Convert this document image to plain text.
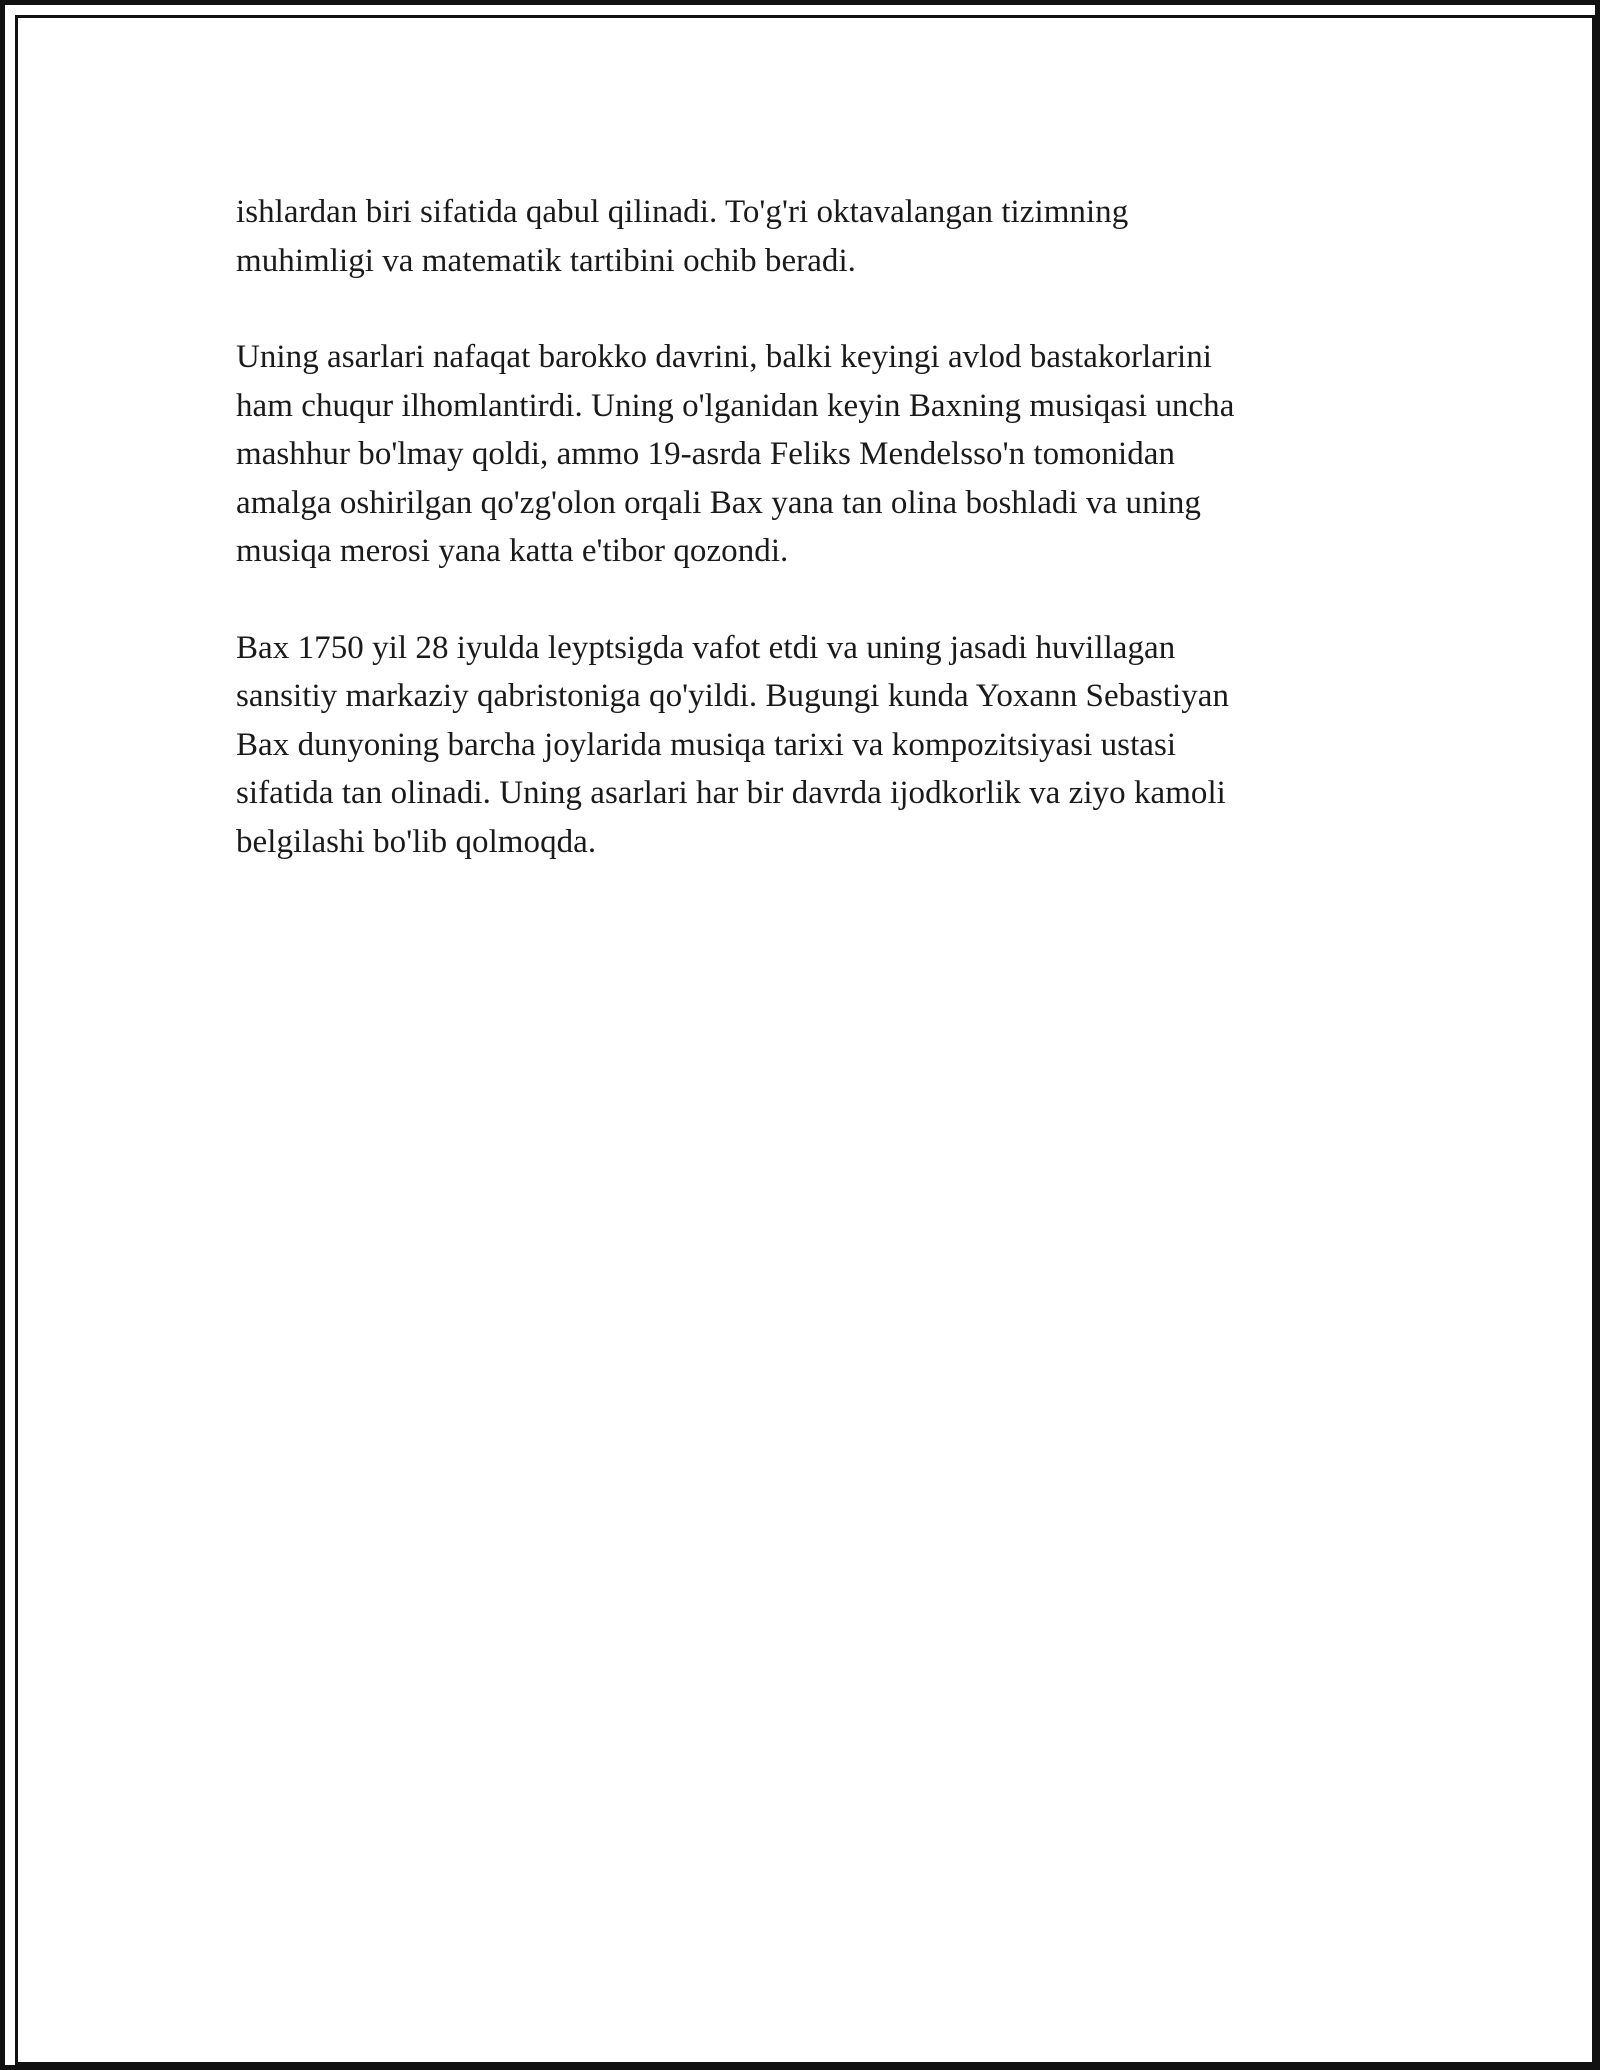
ishlardan biri sifatida qabul qilinadi. To'g'ri oktavalangan tizimning
muhimligi va matematik tartibini ochib beradi.

Uning asarlari nafaqat barokko davrini, balki keyingi avlod bastakorlarini
ham chuqur ilhomlantirdi. Uning o'lganidan keyin Baxning musiqasi uncha
mashhur bo'lmay qoldi, ammo 19-asrda Feliks Mendelsso'n tomonidan
amalga oshirilgan qo'zg'olon orqali Bax yana tan olina boshladi va uning
musiqa merosi yana katta e'tibor qozondi.

Bax 1750 yil 28 iyulda leyptsigda vafot etdi va uning jasadi huvillagan
sansitiy markaziy qabristoniga qo'yildi. Bugungi kunda Yoxann Sebastiyan
Bax dunyoning barcha joylarida musiqa tarixi va kompozitsiyasi ustasi
sifatida tan olinadi. Uning asarlari har bir davrda ijodkorlik va ziyo kamoli
belgilashi bo'lib qolmoqda.
